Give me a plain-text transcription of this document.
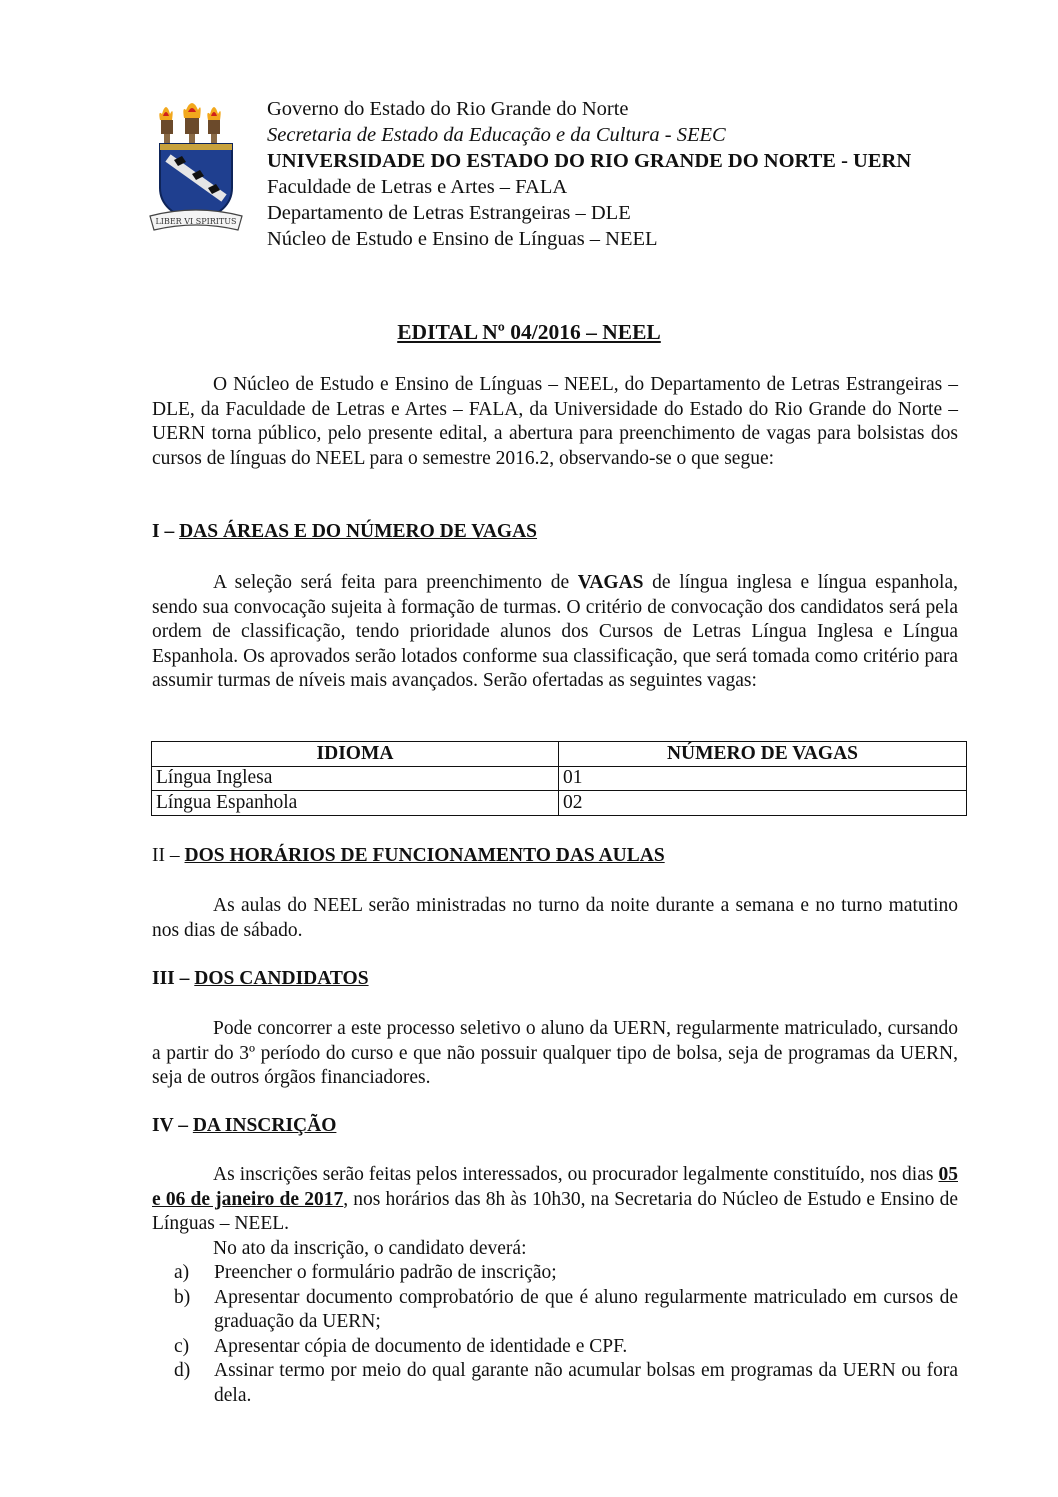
LIBER VI SPIRITUS
Governo do Estado do Rio Grande do Norte
Secretaria de Estado da Educação e da Cultura - SEEC
UNIVERSIDADE DO ESTADO DO RIO GRANDE DO NORTE - UERN
Faculdade de Letras e Artes – FALA
Departamento de Letras Estrangeiras – DLE
Núcleo de Estudo e Ensino de Línguas – NEEL
EDITAL Nº 04/2016 – NEEL
O Núcleo de Estudo e Ensino de Línguas – NEEL, do Departamento de Letras Estrangeiras – DLE, da Faculdade de Letras e Artes – FALA, da Universidade do Estado do Rio Grande do Norte – UERN torna público, pelo presente edital, a abertura para preenchimento de vagas para bolsistas dos cursos de línguas do NEEL para o semestre 2016.2, observando-se o que segue:
I – DAS ÁREAS E DO NÚMERO DE VAGAS
A seleção será feita para preenchimento de VAGAS de língua inglesa e língua espanhola, sendo sua convocação sujeita à formação de turmas. O critério de convocação dos candidatos será pela ordem de classificação, tendo prioridade alunos dos Cursos de Letras Língua Inglesa e Língua Espanhola. Os aprovados serão lotados conforme sua classificação, que será tomada como critério para assumir turmas de níveis mais avançados. Serão ofertadas as seguintes vagas:
IDIOMA	NÚMERO DE VAGAS
Língua Inglesa	01
Língua Espanhola	02
II – DOS HORÁRIOS DE FUNCIONAMENTO DAS AULAS
As aulas do NEEL serão ministradas no turno da noite durante a semana e no turno matutino nos dias de sábado.
III – DOS CANDIDATOS
Pode concorrer a este processo seletivo o aluno da UERN, regularmente matriculado, cursando a partir do 3º período do curso e que não possuir qualquer tipo de bolsa, seja de programas da UERN, seja de outros órgãos financiadores.
IV – DA INSCRIÇÃO
As inscrições serão feitas pelos interessados, ou procurador legalmente constituído, nos dias 05 e 06 de janeiro de 2017, nos horários das 8h às 10h30, na Secretaria do Núcleo de Estudo e Ensino de Línguas – NEEL.
No ato da inscrição, o candidato deverá:
a) Preencher o formulário padrão de inscrição;
b) Apresentar documento comprobatório de que é aluno regularmente matriculado em cursos de graduação da UERN;
c) Apresentar cópia de documento de identidade e CPF.
d) Assinar termo por meio do qual garante não acumular bolsas em programas da UERN ou fora dela.
